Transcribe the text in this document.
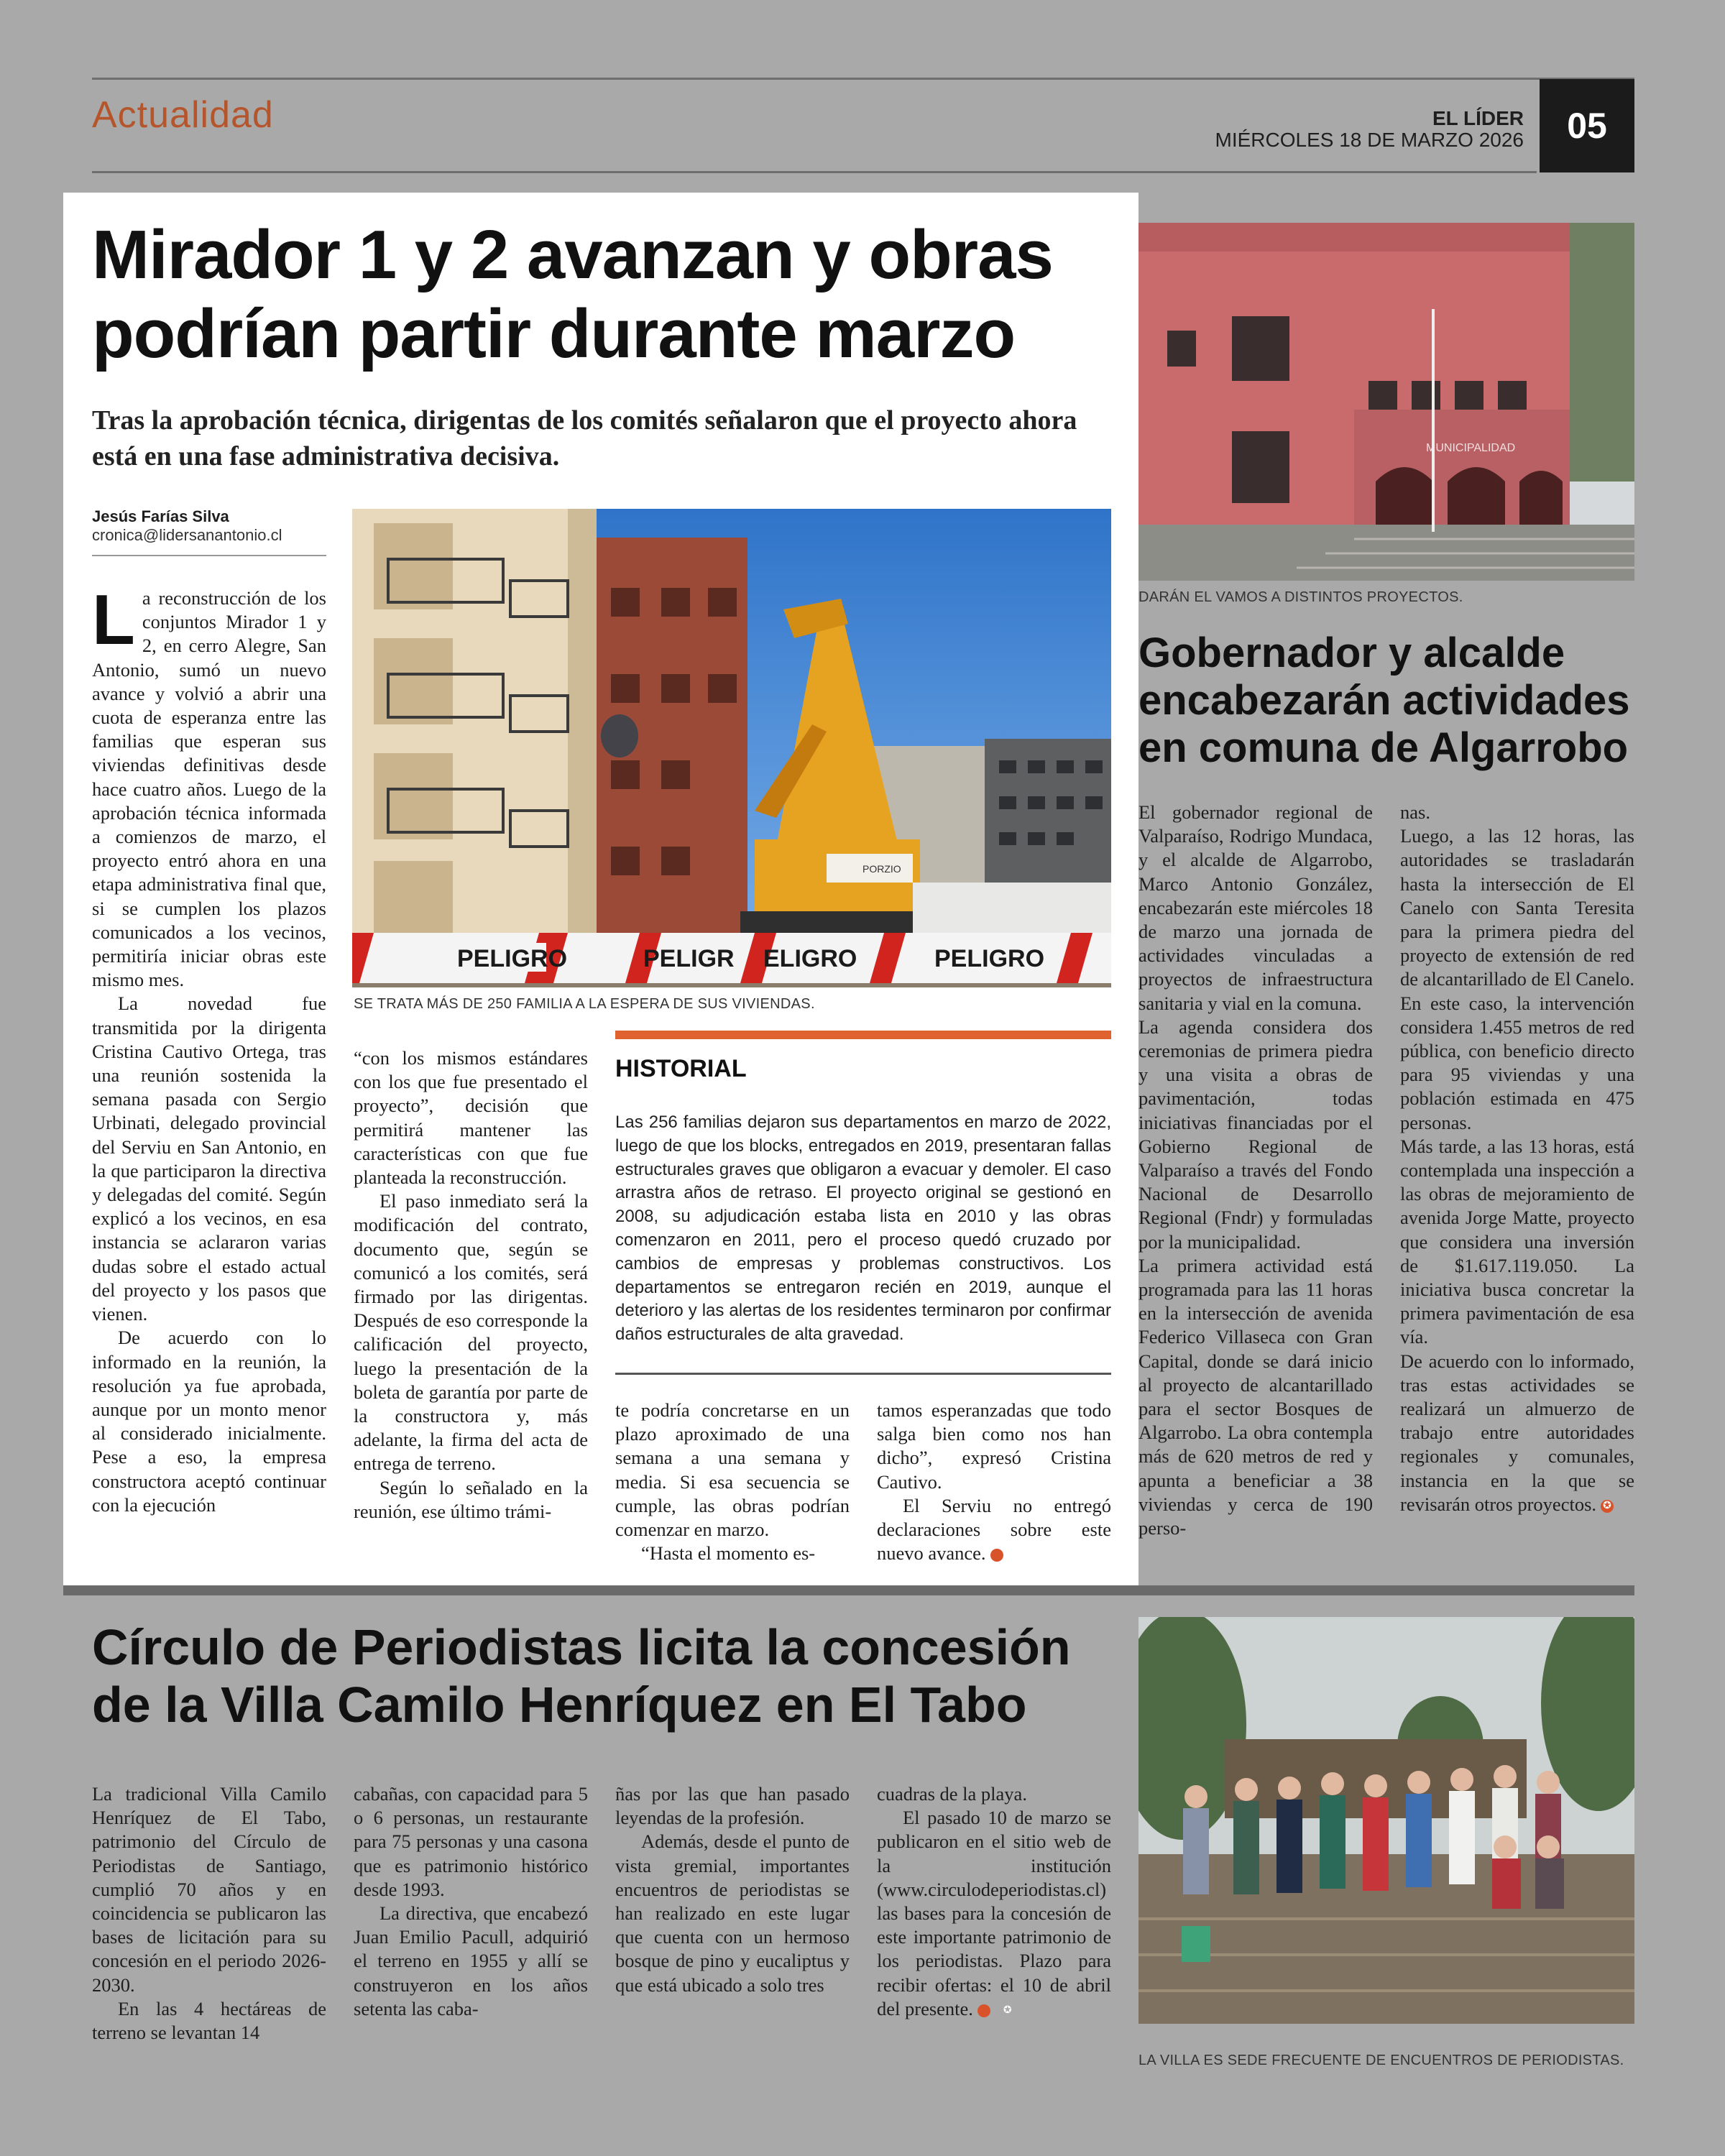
Actualidad	EL LÍDER
MIÉRCOLES 18 DE MARZO 2026	05
Mirador 1 y 2 avanzan y obras
podrían partir durante marzo
Tras la aprobación técnica, dirigentas de los comités señalaron que el proyecto ahora está en una fase administrativa decisiva.
Jesús Farías Silva
cronica@lidersanantonio.cl
PORZIO
PELIGRO	PELIGR ELIGRO	PELIGRO
SE TRATA MÁS DE 250 FAMILIA A LA ESPERA DE SUS VIVIENDAS.

La reconstrucción de los conjuntos Mirador 1 y 2, en cerro Alegre, San Antonio, sumó un nuevo avance y volvió a abrir una cuota de esperanza entre las familias que esperan sus viviendas definitivas desde hace cuatro años. Luego de la aprobación técnica informada a comienzos de marzo, el proyecto entró ahora en una etapa administrativa final que, si se cumplen los plazos comunicados a los vecinos, permitiría iniciar obras este mismo mes.

La novedad fue transmitida por la dirigenta Cristina Cautivo Ortega, tras una reunión sostenida la semana pasada con Sergio Urbinati, delegado provincial del Serviu en San Antonio, en la que participaron la directiva y delegadas del comité. Según explicó a los vecinos, en esa instancia se aclararon varias dudas sobre el estado actual del proyecto y los pasos que vienen.

De acuerdo con lo informado en la reunión, la resolución ya fue aprobada, aunque por un monto menor al considerado inicialmente. Pese a eso, la empresa constructora aceptó continuar con la ejecución

“con los mismos estándares con los que fue presentado el proyecto”, decisión que permitirá mantener las características con que fue planteada la reconstrucción.

El paso inmediato será la modificación del contrato, documento que, según se comunicó a los comités, será firmado por las dirigentas. Después de eso corresponde la calificación del proyecto, luego la presentación de la boleta de garantía por parte de la constructora y, más adelante, la firma del acta de entrega de terreno.

Según lo señalado en la reunión, ese último trámi-

HISTORIAL
Las 256 familias dejaron sus departamentos en marzo de 2022, luego de que los blocks, entregados en 2019, presentaran fallas estructurales graves que obligaron a evacuar y demoler. El caso arrastra años de retraso. El proyecto original se gestionó en 2008, su adjudicación estaba lista en 2010 y las obras comenzaron en 2011, pero el proceso quedó cruzado por cambios de empresas y problemas constructivos. Los departamentos se entregaron recién en 2019, aunque el deterioro y las alertas de los residentes terminaron por confirmar daños estructurales de alta gravedad.

te podría concretarse en un plazo aproximado de una semana a una semana y media. Si esa secuencia se cumple, las obras podrían comenzar en marzo.

“Hasta el momento es-

tamos esperanzadas que todo salga bien como nos han dicho”, expresó Cristina Cautivo.

El Serviu no entregó declaraciones sobre este nuevo avance.	✪

MUNICIPALIDAD
DARÁN EL VAMOS A DISTINTOS PROYECTOS.
Gobernador y alcalde
encabezarán actividades
en comuna de Algarrobo

El gobernador regional de Valparaíso, Rodrigo Mundaca, y el alcalde de Algarrobo, Marco Antonio González, encabezarán este miércoles 18 de marzo una jornada de actividades vinculadas a proyectos de infraestructura sanitaria y vial en la comuna.

La agenda considera dos ceremonias de primera piedra y una visita a obras de pavimentación, todas iniciativas financiadas por el Gobierno Regional de Valparaíso a través del Fondo Nacional de Desarrollo Regional (Fndr) y formuladas por la municipalidad.

La primera actividad está programada para las 11 horas en la intersección de avenida Federico Villaseca con Gran Capital, donde se dará inicio al proyecto de alcantarillado para el sector Bosques de Algarrobo. La obra contempla más de 620 metros de red y apunta a beneficiar a 38 viviendas y cerca de 190 perso-

nas.

Luego, a las 12 horas, las autoridades se trasladarán hasta la intersección de El Canelo con Santa Teresita para la primera piedra del proyecto de extensión de red de alcantarillado de El Canelo.

En este caso, la intervención considera 1.455 metros de red pública, con beneficio directo para 95 viviendas y una población estimada en 475 personas.

Más tarde, a las 13 horas, está contemplada una inspección a las obras de mejoramiento de avenida Jorge Matte, proyecto que considera una inversión de $1.617.119.050. La iniciativa busca concretar la primera pavimentación de esa vía.

De acuerdo con lo informado, tras estas actividades se realizará un almuerzo de trabajo entre autoridades regionales y comunales, instancia en la que se revisarán otros proyectos. ✪

Círculo de Periodistas licita la concesión
de la Villa Camilo Henríquez en El Tabo

La tradicional Villa Camilo Henríquez de El Tabo, patrimonio del Círculo de Periodistas de Santiago, cumplió 70 años y en coincidencia se publicaron las bases de licitación para su concesión en el periodo 2026-2030.

En las 4 hectáreas de terreno se levantan 14

cabañas, con capacidad para 5 o 6 personas, un restaurante para 75 personas y una casona que es patrimonio histórico desde 1993.

La directiva, que encabezó Juan Emilio Pacull, adquirió el terreno en 1955 y allí se construyeron en los años setenta las caba-

ñas por las que han pasado leyendas de la profesión.

Además, desde el punto de vista gremial, importantes encuentros de periodistas se han realizado en este lugar que cuenta con un hermoso bosque de pino y eucaliptus y que está ubicado a solo tres

cuadras de la playa.

El pasado 10 de marzo se publicaron en el sitio web de la institución (www.circulodeperiodistas.cl) las bases para la concesión de este importante patrimonio de los periodistas. Plazo para recibir ofertas: el 10 de abril del presente.	✪

LA VILLA ES SEDE FRECUENTE DE ENCUENTROS DE PERIODISTAS.
